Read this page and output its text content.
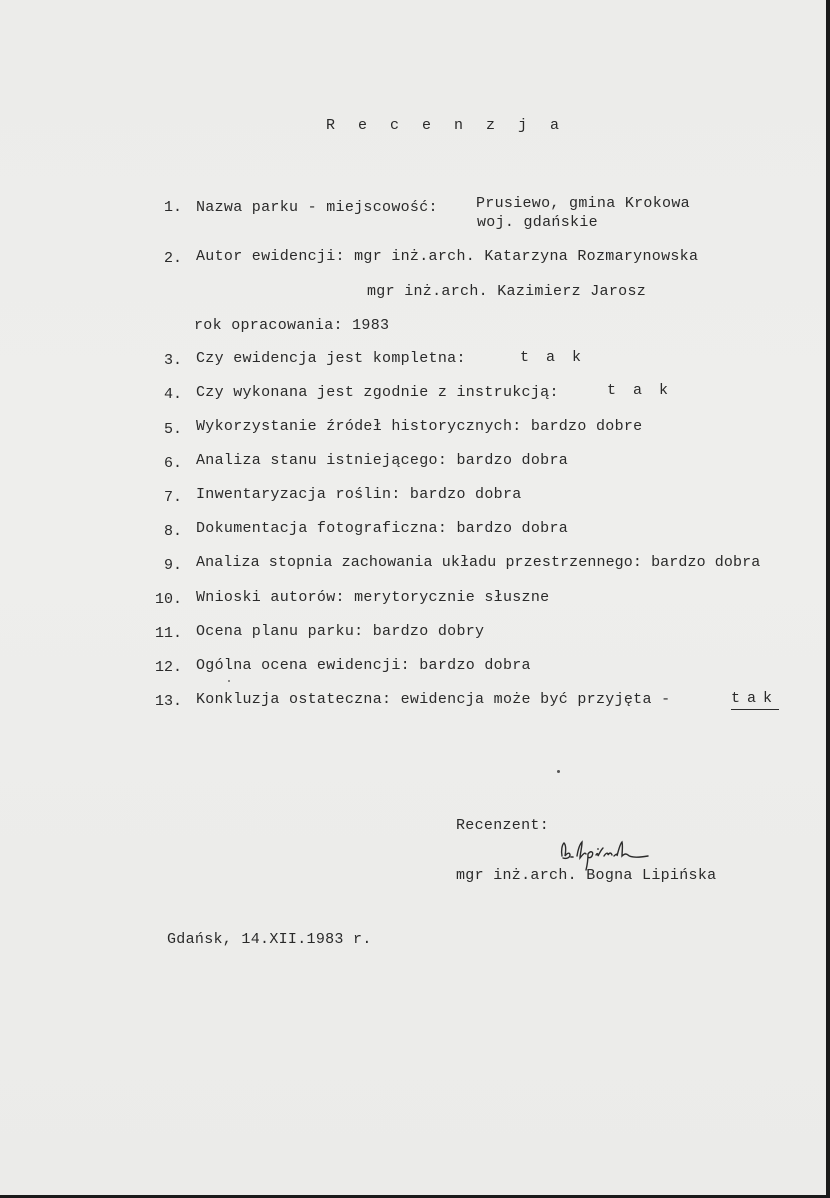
R e c e n z j a
1. Nazwa parku - miejscowość:	Prusiewo, gmina Krokowa
woj. gdańskie
2. Autor ewidencji: mgr inż.arch. Katarzyna Rozmarynowska
mgr inż.arch. Kazimierz Jarosz
rok opracowania: 1983
3. Czy ewidencja jest kompletna:	t a k
4. Czy wykonana jest zgodnie z instrukcją:	t a k
5. Wykorzystanie źródeł historycznych: bardzo dobre
6. Analiza stanu istniejącego: bardzo dobra
7. Inwentaryzacja roślin: bardzo dobra
8. Dokumentacja fotograficzna: bardzo dobra
9. Analiza stopnia zachowania układu przestrzennego: bardzo dobra
10. Wnioski autorów: merytorycznie słuszne
11. Ocena planu parku: bardzo dobry
12. Ogólna ocena ewidencji: bardzo dobra
13. Konkluzja ostateczna: ewidencja może być przyjęta -	tak
Recenzent:
mgr inż.arch. Bogna Lipińska
Gdańsk, 14.XII.1983 r.
